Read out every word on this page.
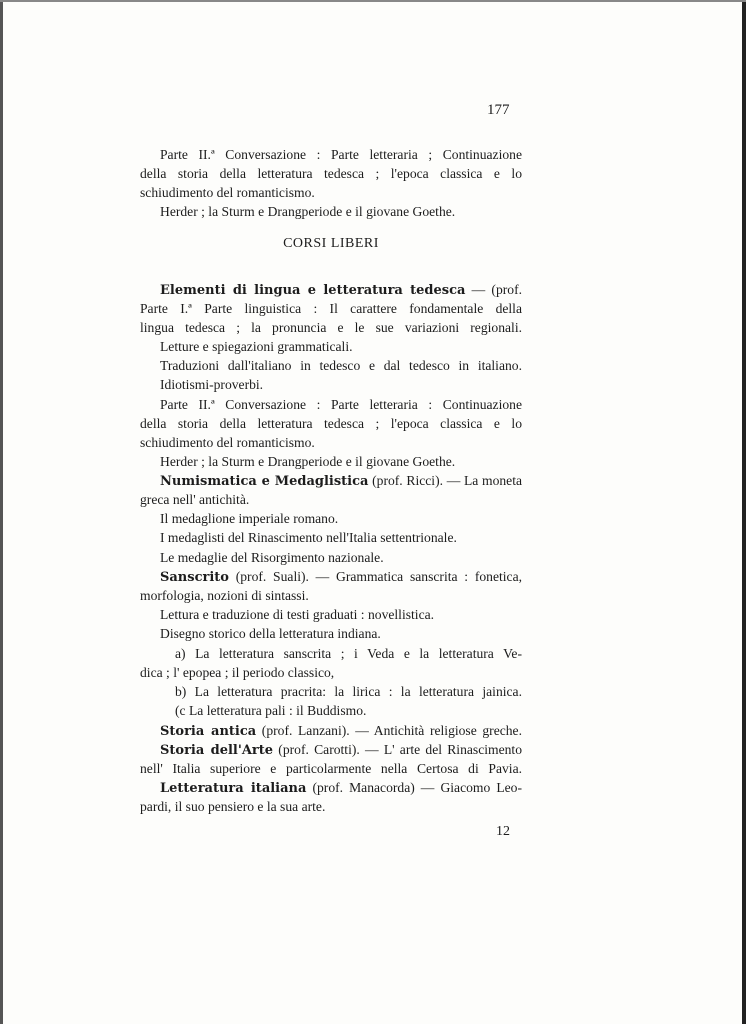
177
CORSI LIBERI
12
Parte II.ª Conversazione : Parte letteraria ; Continuazione
della storia della letteratura tedesca ; l'epoca classica e lo
schiudimento del romanticismo.
Herder ; la Sturm e Drangperiode e il giovane Goethe.
Elementi di lingua e letteratura tedesca — (prof.
Parte I.ª Parte linguistica : Il carattere fondamentale della
lingua tedesca ; la pronuncia e le sue variazioni regionali.
Letture e spiegazioni grammaticali.
Traduzioni dall'italiano in tedesco e dal tedesco in italiano.
Idiotismi-proverbi.
Parte II.ª Conversazione : Parte letteraria : Continuazione
della storia della letteratura tedesca ; l'epoca classica e lo
schiudimento del romanticismo.
Herder ; la Sturm e Drangperiode e il giovane Goethe.
Numismatica e Medaglistica (prof. Ricci). — La moneta
greca nell' antichità.
Il medaglione imperiale romano.
I medaglisti del Rinascimento nell'Italia settentrionale.
Le medaglie del Risorgimento nazionale.
Sanscrito (prof. Suali). — Grammatica sanscrita : fonetica,
morfologia, nozioni di sintassi.
Lettura e traduzione di testi graduati : novellistica.
Disegno storico della letteratura indiana.
a) La letteratura sanscrita ; i Veda e la letteratura Ve-
dica ; l' epopea ; il periodo classico,
b) La letteratura pracrita: la lirica : la letteratura jainica.
(c La letteratura pali : il Buddismo.
Storia antica (prof. Lanzani). — Antichità religiose greche.
Storia dell'Arte (prof. Carotti). — L' arte del Rinascimento
nell' Italia superiore e particolarmente nella Certosa di Pavia.
Letteratura italiana (prof. Manacorda) — Giacomo Leo-
pardi, il suo pensiero e la sua arte.
